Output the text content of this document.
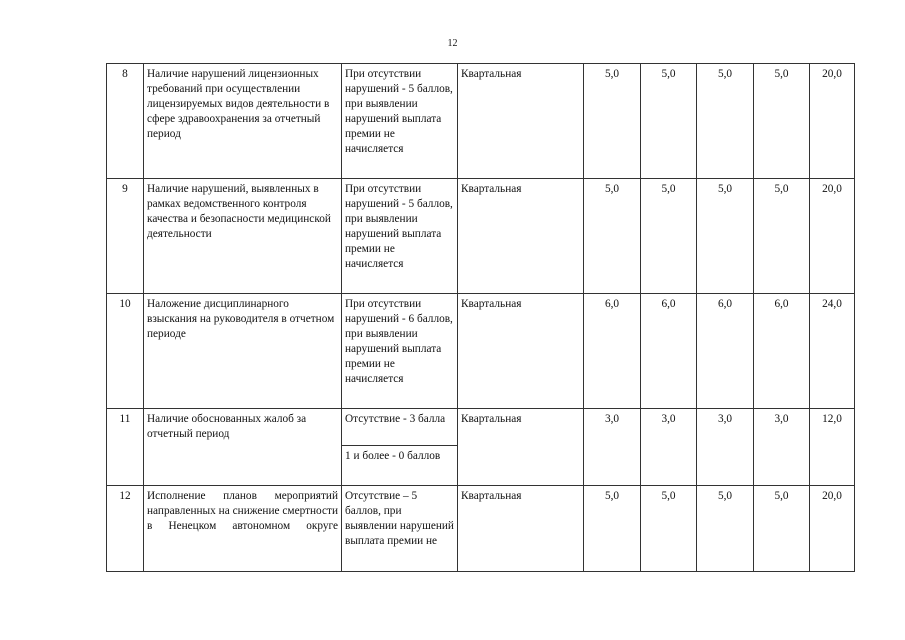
12
8	Наличие нарушений лицензионных требований при осуществлении лицензируемых видов деятельности в сфере здравоохранения за отчетный период	При отсутствии нарушений - 5 баллов, при выявлении нарушений выплата премии не начисляется	Квартальная	5,0	5,0	5,0	5,0	20,0
9	Наличие нарушений, выявленных в рамках ведомственного контроля качества и безопасности медицинской деятельности	При отсутствии нарушений - 5 баллов, при выявлении нарушений выплата премии не начисляется	Квартальная	5,0	5,0	5,0	5,0	20,0
10	Наложение дисциплинарного взыскания на руководителя в отчетном периоде	При отсутствии нарушений - 6 баллов, при выявлении нарушений выплата премии не начисляется	Квартальная	6,0	6,0	6,0	6,0	24,0
11	Наличие обоснованных жалоб за отчетный период	Отсутствие - 3 балла	Квартальная	3,0	3,0	3,0	3,0	12,0
		1 и более - 0 баллов						
12	Исполнение планов мероприятий направленных на снижение смертности в Ненецком автономном округе	Отсутствие – 5 баллов, при выявлении нарушений выплата премии не	Квартальная	5,0	5,0	5,0	5,0	20,0
